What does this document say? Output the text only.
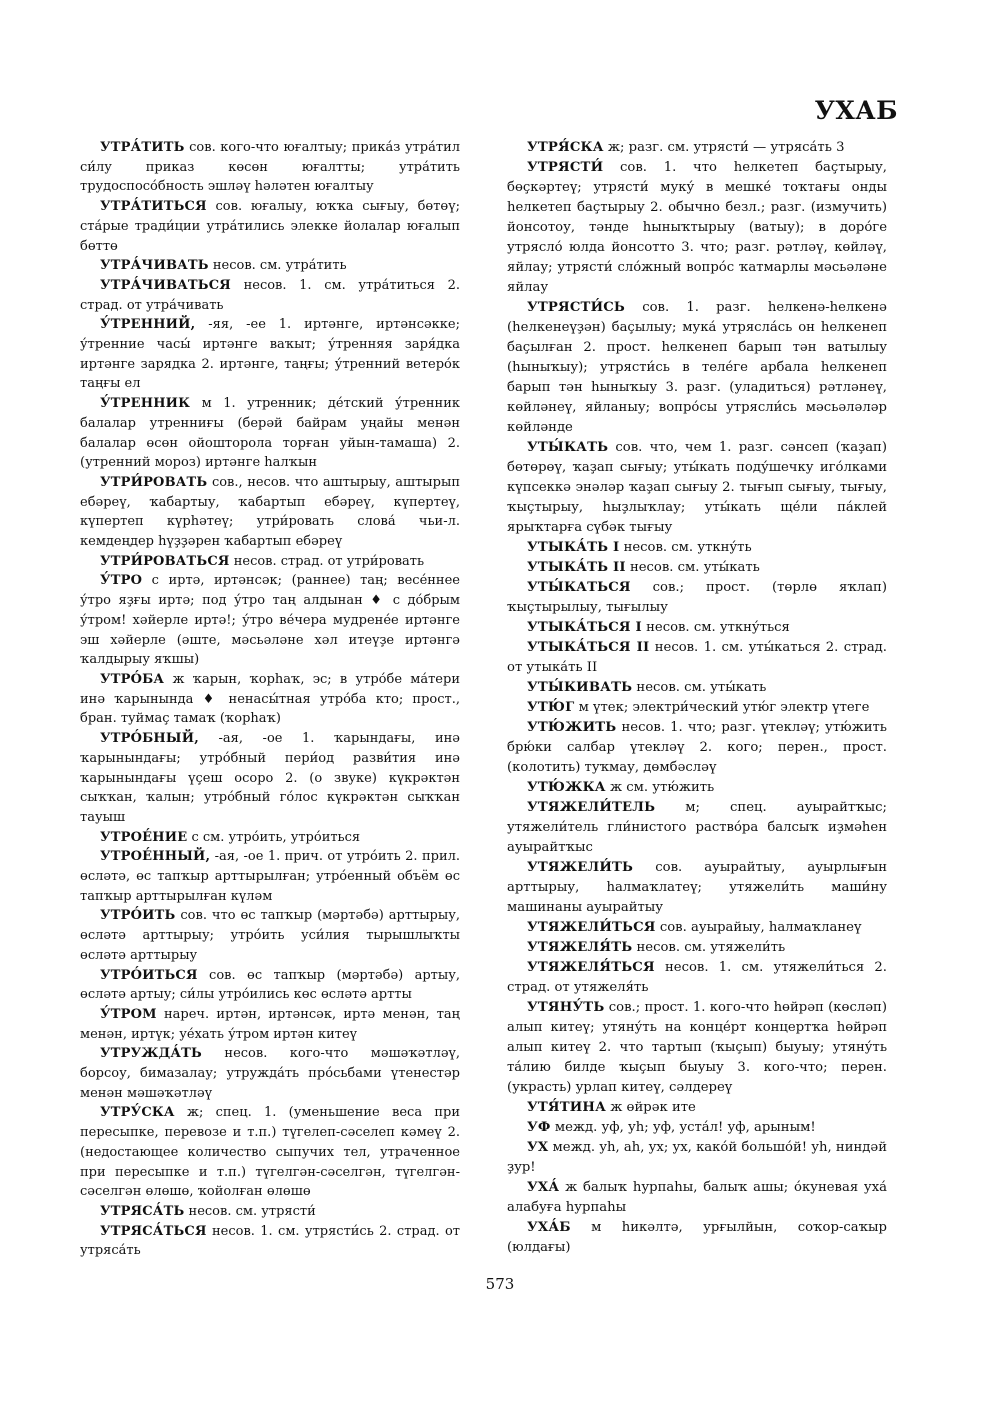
УХАБ

УТРА́ТИТЬ сов. кого-что юғалтыу; прика́з утра́тил си́лу приказ көсөн юғалтты; утра́тить трудоспосо́бность эшләү һәләтен юғалтыу

УТРА́ТИТЬСЯ сов. юғалыу, юҡҡа сығыу, бөтөү; ста́рые тради́ции утра́тились элекке йолалар юғалып бөттө

УТРА́ЧИВАТЬ несов. см. утра́тить

УТРА́ЧИВАТЬСЯ несов. 1. см. утра́титься 2. страд. от утра́чивать

У́ТРЕННИЙ, -яя, -ее 1. иртәнге, иртәнсәкке; у́тренние часы́ иртәнге ваҡыт; у́тренняя заря́дка иртәнге зарядка 2. иртәнге, таңғы; у́тренний ветеро́к таңғы ел

У́ТРЕННИК м 1. утренник; де́тский у́тренник балалар утренниғы (берәй байрам уңайы менән балалар өсөн ойошторола торған уйын-тамаша) 2. (утренний мороз) иртәнге һалҡын

УТРИ́РОВАТЬ сов., несов. что аштырыу, аштырып ебәреү, ҡабартыу, ҡабартып ебәреү, күпертеү, күпертеп күрһәтеү; утри́ровать слова́ чьи-л. кемдеңдер һүҙҙәрен ҡабартып ебәреү

УТРИ́РОВАТЬСЯ несов. страд. от утри́ровать

У́ТРО с иртә, иртәнсәк; (раннее) таң; весе́ннее у́тро яҙғы иртә; под у́тро таң алдынан ♦ с до́брым у́тром! хәйерле иртә!; у́тро ве́чера мудрене́е иртәнге эш хәйерле (әште, мәсьәләне хәл итеүҙе иртәнгә ҡалдырыу яҡшы)

УТРО́БА ж ҡарын, ҡорһаҡ, эс; в утро́бе ма́тери инә ҡарынында ♦ ненасы́тная утро́ба кто; прост., бран. туймаҫ тамаҡ (ҡорһаҡ)

УТРО́БНЫЙ, -ая, -ое 1. ҡарындағы, инә ҡарынындағы; утро́бный пери́од разви́тия инә ҡарынындағы үҫеш осоро 2. (о звуке) күкрәктән сыҡҡан, ҡалын; утро́бный го́лос күкрәктән сыҡҡан тауыш

УТРОЕ́НИЕ с см. утро́ить, утро́иться

УТРОЕ́ННЫЙ, -ая, -ое 1. прич. от утро́ить 2. прил. өсләтә, өс тапҡыр арттырылған; утро́енный объём өс тапҡыр арттырылған күләм

УТРО́ИТЬ сов. что өс тапҡыр (мәртәбә) арттырыу, өсләтә арттырыу; утро́ить уси́лия тырышлыҡты өсләтә арттырыу

УТРО́ИТЬСЯ сов. өс тапҡыр (мәртәбә) артыу, өсләтә артыу; си́лы утро́ились көс өсләтә артты

У́ТРОМ нареч. иртән, иртәнсәк, иртә менән, таң менән, иртүк; уе́хать у́тром иртән китеү

УТРУЖДА́ТЬ несов. кого-что мәшәҡәтләү, борсоу, бимазалау; утружда́ть про́сьбами үтенестәр менән мәшәҡәтләү

УТРУ́СКА ж; спец. 1. (уменьшение веса при пересыпке, перевозе и т.п.) түгелеп-сәселеп кәмеү 2. (недостающее количество сыпучих тел, утраченное при пересыпке и т.п.) түгелгән-сәселгән, түгелгән-сәселгән өлөшө, ҡойолған өлөшө

УТРЯСА́ТЬ несов. см. утрясти́

УТРЯСА́ТЬСЯ несов. 1. см. утрясти́сь 2. страд. от утряса́ть

УТРЯ́СКА ж; разг. см. утрясти́ — утряса́ть 3

УТРЯСТИ́ сов. 1. что һелкетеп баҫтырыу, бөҫкәртеү; утрясти́ муку́ в мешке́ тоҡтағы онды һелкетеп баҫтырыу 2. обычно безл.; разг. (измучить) йонсотоу, тәнде һыныҡтырыу (ватыу); в доро́ге утрясло́ юлда йонсотто 3. что; разг. рәтләү, көйләү, яйлау; утрясти́ сло́жный вопро́с ҡатмарлы мәсьәләне яйлау

УТРЯСТИ́СЬ сов. 1. разг. һелкенә-һелкенә (һелкенеүҙән) баҫылыу; мука́ утрясла́сь он һелкенеп баҫылған 2. прост. һелкенеп барып тән ватылыу (һыныҡыу); утрясти́сь в теле́ге арбала һелкенеп барып тән һыныҡыу 3. разг. (уладиться) рәтләнеү, көйләнеү, яйланыу; вопро́сы утрясли́сь мәсьәләләр көйләнде

УТЫ́КАТЬ сов. что, чем 1. разг. сәнсеп (ҡаҙап) бөтөрөү, ҡаҙап сығыу; уты́кать поду́шечку иго́лками күпсеккә энәләр ҡаҙап сығыу 2. тығып сығыу, тығыу, ҡыҫтырыу, һыҙлыҡлау; уты́кать ще́ли па́клей ярыҡтарға сүбәк тығыу

УТЫКА́ТЬ I несов. см. уткну́ть

УТЫКА́ТЬ II несов. см. уты́кать

УТЫ́КАТЬСЯ сов.; прост. (төрлө яҡлап) ҡыҫтырылыу, тығылыу

УТЫКА́ТЬСЯ I несов. см. уткну́ться

УТЫКА́ТЬСЯ II несов. 1. см. уты́каться 2. страд. от утыка́ть II

УТЫ́КИВАТЬ несов. см. уты́кать

УТЮ́Г м үтек; электри́ческий утю́г электр үтеге

УТЮ́ЖИТЬ несов. 1. что; разг. үтекләү; утю́жить брю́ки салбар үтекләү 2. кого; перен., прост. (колотить) туҡмау, дөмбәсләү

УТЮ́ЖКА ж см. утю́жить

УТЯЖЕЛИ́ТЕЛЬ м; спец. ауырайтҡыс; утяжели́тель гли́нистого раство́ра балсыҡ иҙмәһен ауырайтҡыс

УТЯЖЕЛИ́ТЬ сов. ауырайтыу, ауырлығын арттырыу, һалмаҡлатеү; утяжели́ть маши́ну машинаны ауырайтыу

УТЯЖЕЛИ́ТЬСЯ сов. ауырайыу, һалмаҡланеү

УТЯЖЕЛЯ́ТЬ несов. см. утяжели́ть

УТЯЖЕЛЯ́ТЬСЯ несов. 1. см. утяжели́ться 2. страд. от утяжеля́ть

УТЯНУ́ТЬ сов.; прост. 1. кого-что һөйрәп (көсләп) алып китеү; утяну́ть на конце́рт концертҡа һөйрәп алып китеү 2. что тартып (ҡыҫып) быуыу; утяну́ть та́лию билде ҡыҫып быуыу 3. кого-что; перен. (украсть) урлап китеү, сәлдереү

УТЯ́ТИНА ж өйрәк ите

УФ межд. уф, уһ; уф, уста́л! уф, арыным!

УХ межд. уһ, аһ, ух; ух, како́й большо́й! уһ, ниндәй ҙур!

УХА́ ж балыҡ һурпаһы, балыҡ ашы; о́куневая уха́ алабуға һурпаһы

УХА́Б м һикәлтә, урғылйын, соҡор-саҡыр (юлдағы)

573
